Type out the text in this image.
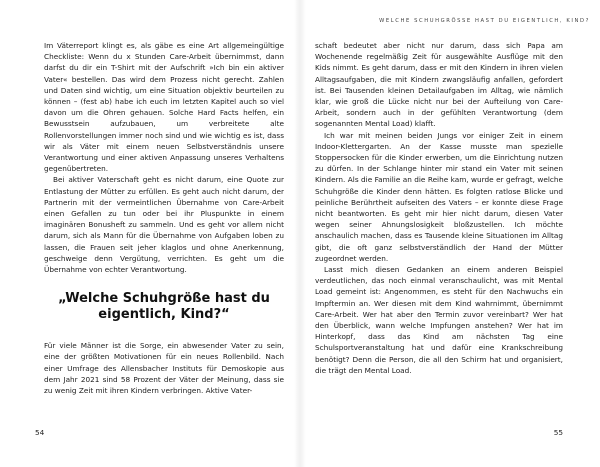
Im Väterreport klingt es, als gäbe es eine Art allgemeingültige Checkliste: Wenn du x Stunden Care-Arbeit übernimmst, dann darfst du dir ein T-Shirt mit der Aufschrift »Ich bin ein aktiver Vater« bestellen. Das wird dem Prozess nicht gerecht. Zahlen und Daten sind wichtig, um eine Situation objektiv beurteilen zu können – (fest ab) habe ich euch im letzten Kapitel auch so viel davon um die Ohren gehauen. Solche Hard Facts helfen, ein Bewusstsein aufzubauen, um verbreitete alte Rollenvorstellungen immer noch sind und wie wichtig es ist, dass wir als Väter mit einem neuen Selbstverständnis unsere Verantwortung und einer aktiven Anpassung unseres Verhaltens gegenübertreten.

Bei aktiver Vaterschaft geht es nicht darum, eine Quote zur Entlastung der Mütter zu erfüllen. Es geht auch nicht darum, der Partnerin mit der vermeintlichen Übernahme von Care-Arbeit einen Gefallen zu tun oder bei ihr Pluspunkte in einem imaginären Bonusheft zu sammeln. Und es geht vor allem nicht darum, sich als Mann für die Übernahme von Aufgaben loben zu lassen, die Frauen seit jeher klaglos und ohne Anerkennung, geschweige denn Vergütung, verrichten. Es geht um die Übernahme von echter Verantwortung.

„Welche Schuhgröße hast du eigentlich, Kind?“

Für viele Männer ist die Sorge, ein abwesender Vater zu sein, eine der größten Motivationen für ein neues Rollenbild. Nach einer Umfrage des Allensbacher Instituts für Demoskopie aus dem Jahr 2021 sind 58 Prozent der Väter der Meinung, dass sie zu wenig Zeit mit ihren Kindern verbringen. Aktive Vater-

54
WELCHE SCHUHGRÖSSE HAST DU EIGENTLICH, KIND?

schaft bedeutet aber nicht nur darum, dass sich Papa am Wochenende regelmäßig Zeit für ausgewählte Ausflüge mit den Kids nimmt. Es geht darum, dass er mit den Kindern in ihren vielen Alltagsaufgaben, die mit Kindern zwangsläufig anfallen, gefordert ist. Bei Tausenden kleinen Detailaufgaben im Alltag, wie nämlich klar, wie groß die Lücke nicht nur bei der Aufteilung von Care-Arbeit, sondern auch in der gefühlten Verantwortung (dem sogenannten Mental Load) klafft.

Ich war mit meinen beiden Jungs vor einiger Zeit in einem Indoor-Klettergarten. An der Kasse musste man spezielle Stoppersocken für die Kinder erwerben, um die Einrichtung nutzen zu dürfen. In der Schlange hinter mir stand ein Vater mit seinen Kindern. Als die Familie an die Reihe kam, wurde er gefragt, welche Schuhgröße die Kinder denn hätten. Es folgten ratlose Blicke und peinliche Berührtheit aufseiten des Vaters – er konnte diese Frage nicht beantworten. Es geht mir hier nicht darum, diesen Vater wegen seiner Ahnungslosigkeit bloßzustellen. Ich möchte anschaulich machen, dass es Tausende kleine Situationen im Alltag gibt, die oft ganz selbstverständlich der Hand der Mütter zugeordnet werden.

Lasst mich diesen Gedanken an einem anderen Beispiel verdeutlichen, das noch einmal veranschaulicht, was mit Mental Load gemeint ist: Angenommen, es steht für den Nachwuchs ein Impftermin an. Wer diesen mit dem Kind wahrnimmt, übernimmt Care-Arbeit. Wer hat aber den Termin zuvor vereinbart? Wer hat den Überblick, wann welche Impfungen anstehen? Wer hat im Hinterkopf, dass das Kind am nächsten Tag eine Schulsportveranstaltung hat und dafür eine Krankschreibung benötigt? Denn die Person, die all den Schirm hat und organisiert, die trägt den Mental Load.

55
